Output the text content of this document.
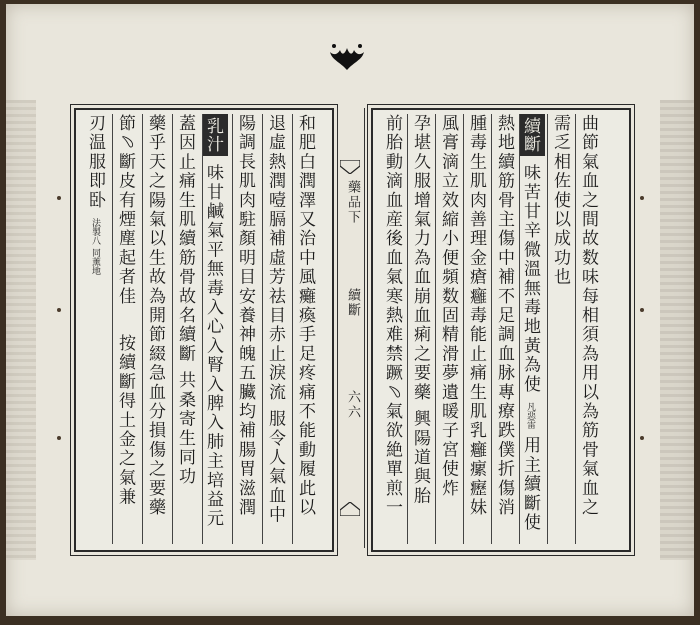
刃温服即卧 法製八 同薰地 節﹆斷皮有煙塵起者佳 按續斷得土金之氣兼 藥乎天之陽氣以生故為開節綴急血分損傷之要藥 蓋因止痛生肌續筋骨故名續斷 共桑寄生同功
乳汁 味甘鹹氣平無毒入心入腎入脾入肺主培益元 陽調長肌肉駐顏明目安養神魄五臟均補腸胃滋潤 退虛熱潤噎膈補虛芳祛目赤止淚流 服令人氣血中 和肥白潤澤又治中風癱瘓手足疼痛不能動履此以	藥品下
續斷
六六 前胎動滴血産後血氣寒熱难禁蹶﹆氣欲絶單煎一 孕堪久服增氣力為血崩血痢之要藥 興陽道與胎 風膏滴立效縮小便頻数固精滑夢遺暖子宮使炸 腫毒生肌肉善理金瘡癰毒能止痛生肌乳癰瘰癧妹 熱地續筋骨主傷中補不足調血脉專療跌僕折傷消 續斷 味苦甘辛微溫無毒地黃為使 凡惡雷 用主續斷使
需乏相佐使以成功也 曲節氣血之間故数味每相須為用以為筋骨氣血之
